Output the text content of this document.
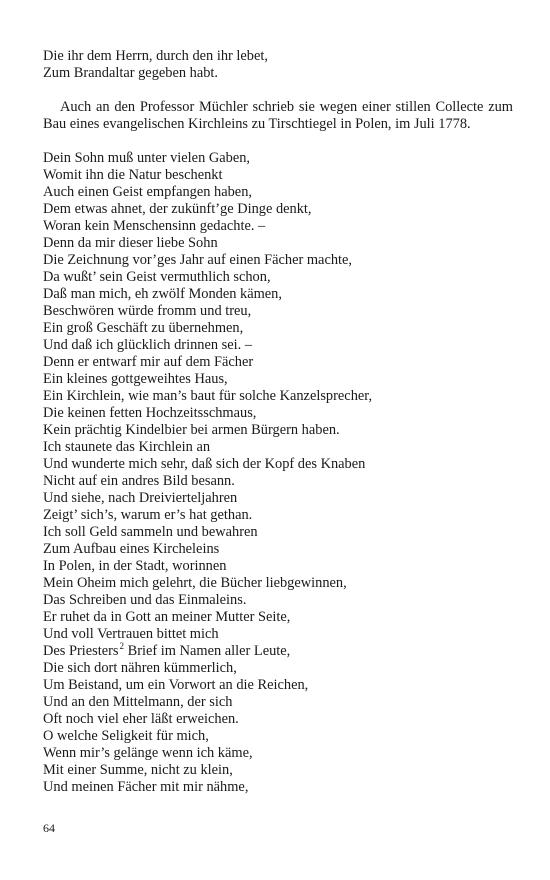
Die ihr dem Herrn, durch den ihr lebet,
Zum Brandaltar gegeben habt.

Auch an den Professor Müchler schrieb sie wegen einer stillen Collecte zum Bau eines evangelischen Kirchleins zu Tirschtiegel in Polen, im Juli 1778.

Dein Sohn muß unter vielen Gaben,
Womit ihn die Natur beschenkt
Auch einen Geist empfangen haben,
Dem etwas ahnet, der zukünft’ge Dinge denkt,
Woran kein Menschensinn gedachte. –
Denn da mir dieser liebe Sohn
Die Zeichnung vor’ges Jahr auf einen Fächer machte,
Da wußt’ sein Geist vermuthlich schon,
Daß man mich, eh zwölf Monden kämen,
Beschwören würde fromm und treu,
Ein groß Geschäft zu übernehmen,
Und daß ich glücklich drinnen sei. –
Denn er entwarf mir auf dem Fächer
Ein kleines gottgeweihtes Haus,
Ein Kirchlein, wie man’s baut für solche Kanzelsprecher,
Die keinen fetten Hochzeitsschmaus,
Kein prächtig Kindelbier bei armen Bürgern haben.
Ich staunete das Kirchlein an
Und wunderte mich sehr, daß sich der Kopf des Knaben
Nicht auf ein andres Bild besann.
Und siehe, nach Dreivierteljahren
Zeigt’ sich’s, warum er’s hat gethan.
Ich soll Geld sammeln und bewahren
Zum Aufbau eines Kircheleins
In Polen, in der Stadt, worinnen
Mein Oheim mich gelehrt, die Bücher liebgewinnen,
Das Schreiben und das Einmaleins.
Er ruhet da in Gott an meiner Mutter Seite,
Und voll Vertrauen bittet mich
Des Priesters$^2$ Brief im Namen aller Leute,
Die sich dort nähren kümmerlich,
Um Beistand, um ein Vorwort an die Reichen,
Und an den Mittelmann, der sich
Oft noch viel eher läßt erweichen.
O welche Seligkeit für mich,
Wenn mir’s gelänge wenn ich käme,
Mit einer Summe, nicht zu klein,
Und meinen Fächer mit mir nähme,
64
